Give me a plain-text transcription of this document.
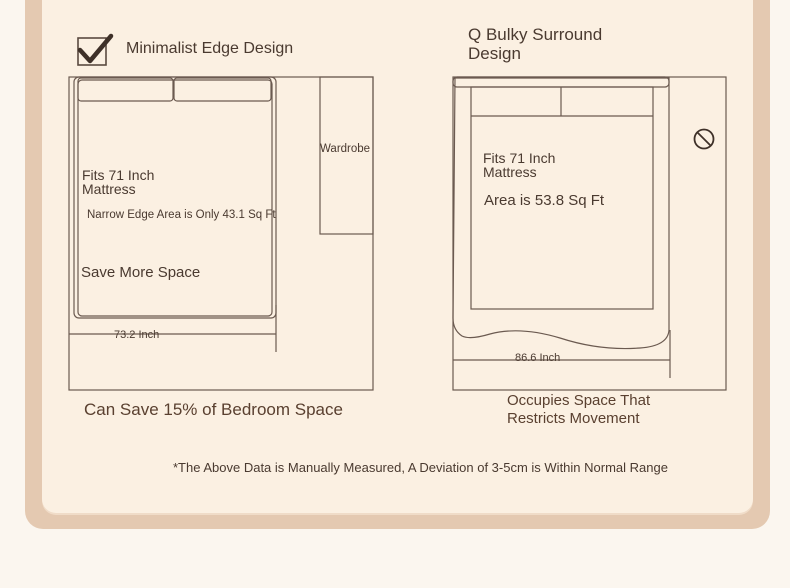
Minimalist Edge Design
Fits 71 Inch
Mattress
Narrow Edge Area is Only 43.1 Sq Ft
Save More Space
Wardrobe
73.2 Inch
Can Save 15% of Bedroom Space
Q Bulky Surround
Design
Fits 71 Inch
Mattress
Area is 53.8 Sq Ft
86.6 Inch
Occupies Space That
Restricts Movement
*The Above Data is Manually Measured, A Deviation of 3-5cm is Within Normal Range
